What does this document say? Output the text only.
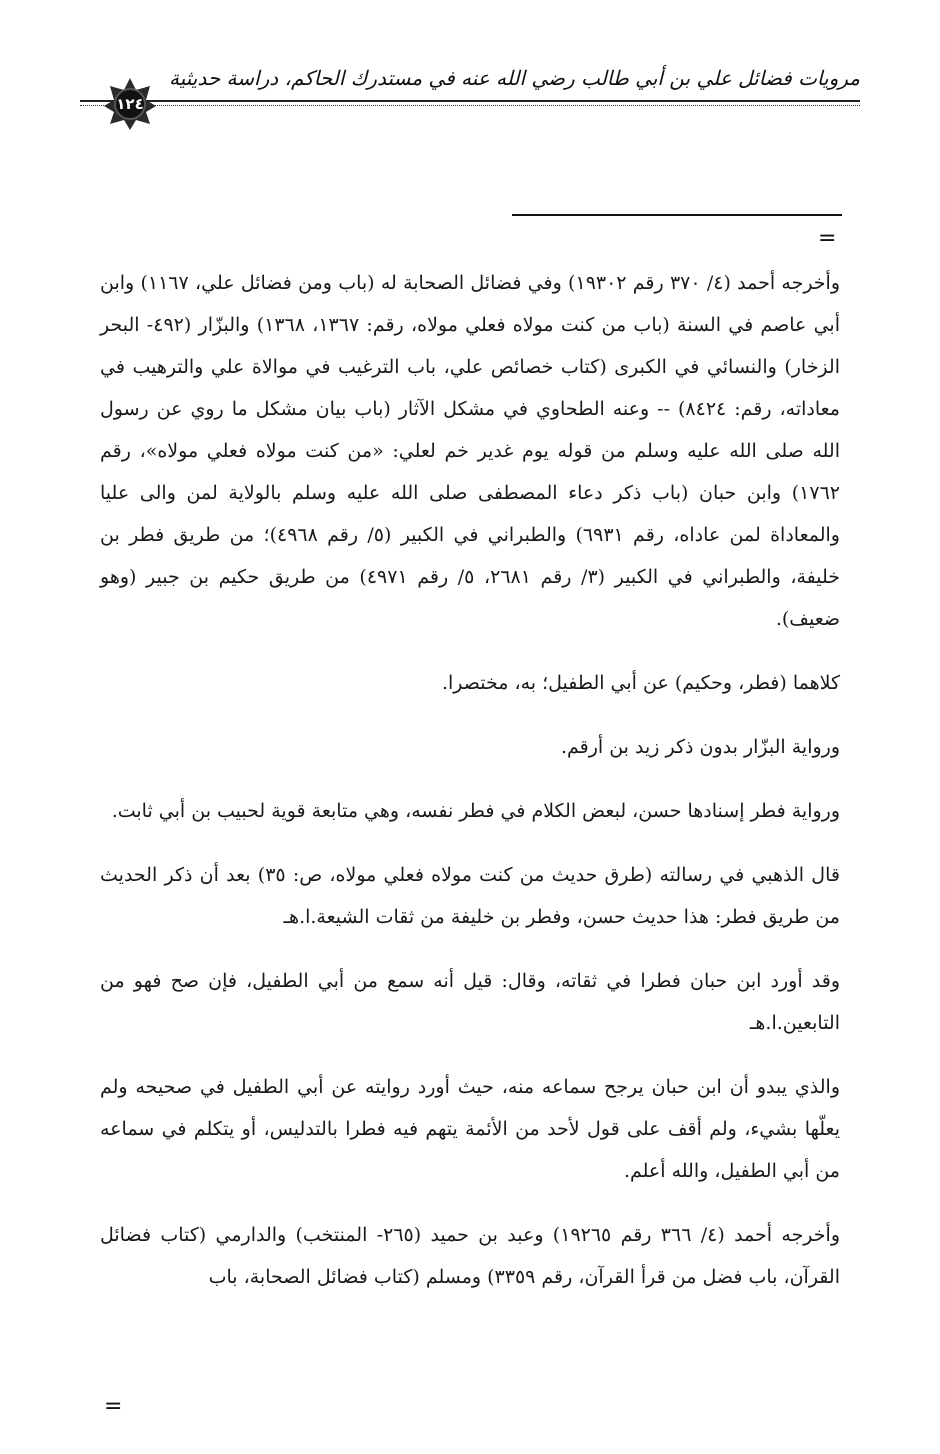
مرويات فضائل علي بن أبي طالب رضي الله عنه في مستدرك الحاكم، دراسة حديثية
١٢٤
=

وأخرجه أحمد (٤/ ٣٧٠ رقم ١٩٣٠٢) وفي فضائل الصحابة له (باب ومن فضائل علي، ١١٦٧) وابن أبي عاصم في السنة (باب من كنت مولاه فعلي مولاه، رقم: ١٣٦٧، ١٣٦٨) والبزّار (٤٩٢- البحر الزخار) والنسائي في الكبرى (كتاب خصائص علي، باب الترغيب في موالاة علي والترهيب في معاداته، رقم: ٨٤٢٤) -- وعنه الطحاوي في مشكل الآثار (باب بيان مشكل ما روي عن رسول الله صلى الله عليه وسلم من قوله يوم غدير خم لعلي: «من كنت مولاه فعلي مولاه»، رقم ١٧٦٢) وابن حبان (باب ذكر دعاء المصطفى صلى الله عليه وسلم بالولاية لمن والى عليا والمعاداة لمن عاداه، رقم ٦٩٣١) والطبراني في الكبير (٥/ رقم ٤٩٦٨)؛ من طريق فطر بن خليفة، والطبراني في الكبير (٣/ رقم ٢٦٨١، ٥/ رقم ٤٩٧١) من طريق حكيم بن جبير (وهو ضعيف).

كلاهما (فطر، وحكيم) عن أبي الطفيل؛ به، مختصرا.

ورواية البزّار بدون ذكر زيد بن أرقم.

ورواية فطر إسنادها حسن، لبعض الكلام في فطر نفسه، وهي متابعة قوية لحبيب بن أبي ثابت.

قال الذهبي في رسالته (طرق حديث من كنت مولاه فعلي مولاه، ص: ٣٥) بعد أن ذكر الحديث من طريق فطر: هذا حديث حسن، وفطر بن خليفة من ثقات الشيعة.ا.هـ

وقد أورد ابن حبان فطرا في ثقاته، وقال: قيل أنه سمع من أبي الطفيل، فإن صح فهو من التابعين.ا.هـ

والذي يبدو أن ابن حبان يرجح سماعه منه، حيث أورد روايته عن أبي الطفيل في صحيحه ولم يعلّها بشيء، ولم أقف على قول لأحد من الأئمة يتهم فيه فطرا بالتدليس، أو يتكلم في سماعه من أبي الطفيل، والله أعلم.

وأخرجه أحمد (٤/ ٣٦٦ رقم ١٩٢٦٥) وعبد بن حميد (٢٦٥- المنتخب) والدارمي (كتاب فضائل القرآن، باب فضل من قرأ القرآن، رقم ٣٣٥٩) ومسلم (كتاب فضائل الصحابة، باب

=
